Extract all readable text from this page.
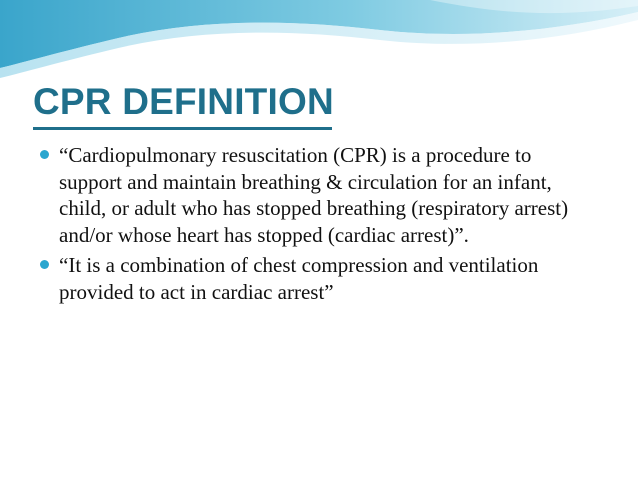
CPR DEFINITION
“Cardiopulmonary resuscitation (CPR) is a procedure to support and maintain breathing & circulation for an infant, child, or adult who has stopped breathing (respiratory arrest) and/or whose heart has stopped (cardiac arrest)”.
“It is a combination of chest compression and ventilation provided to act in cardiac arrest”
